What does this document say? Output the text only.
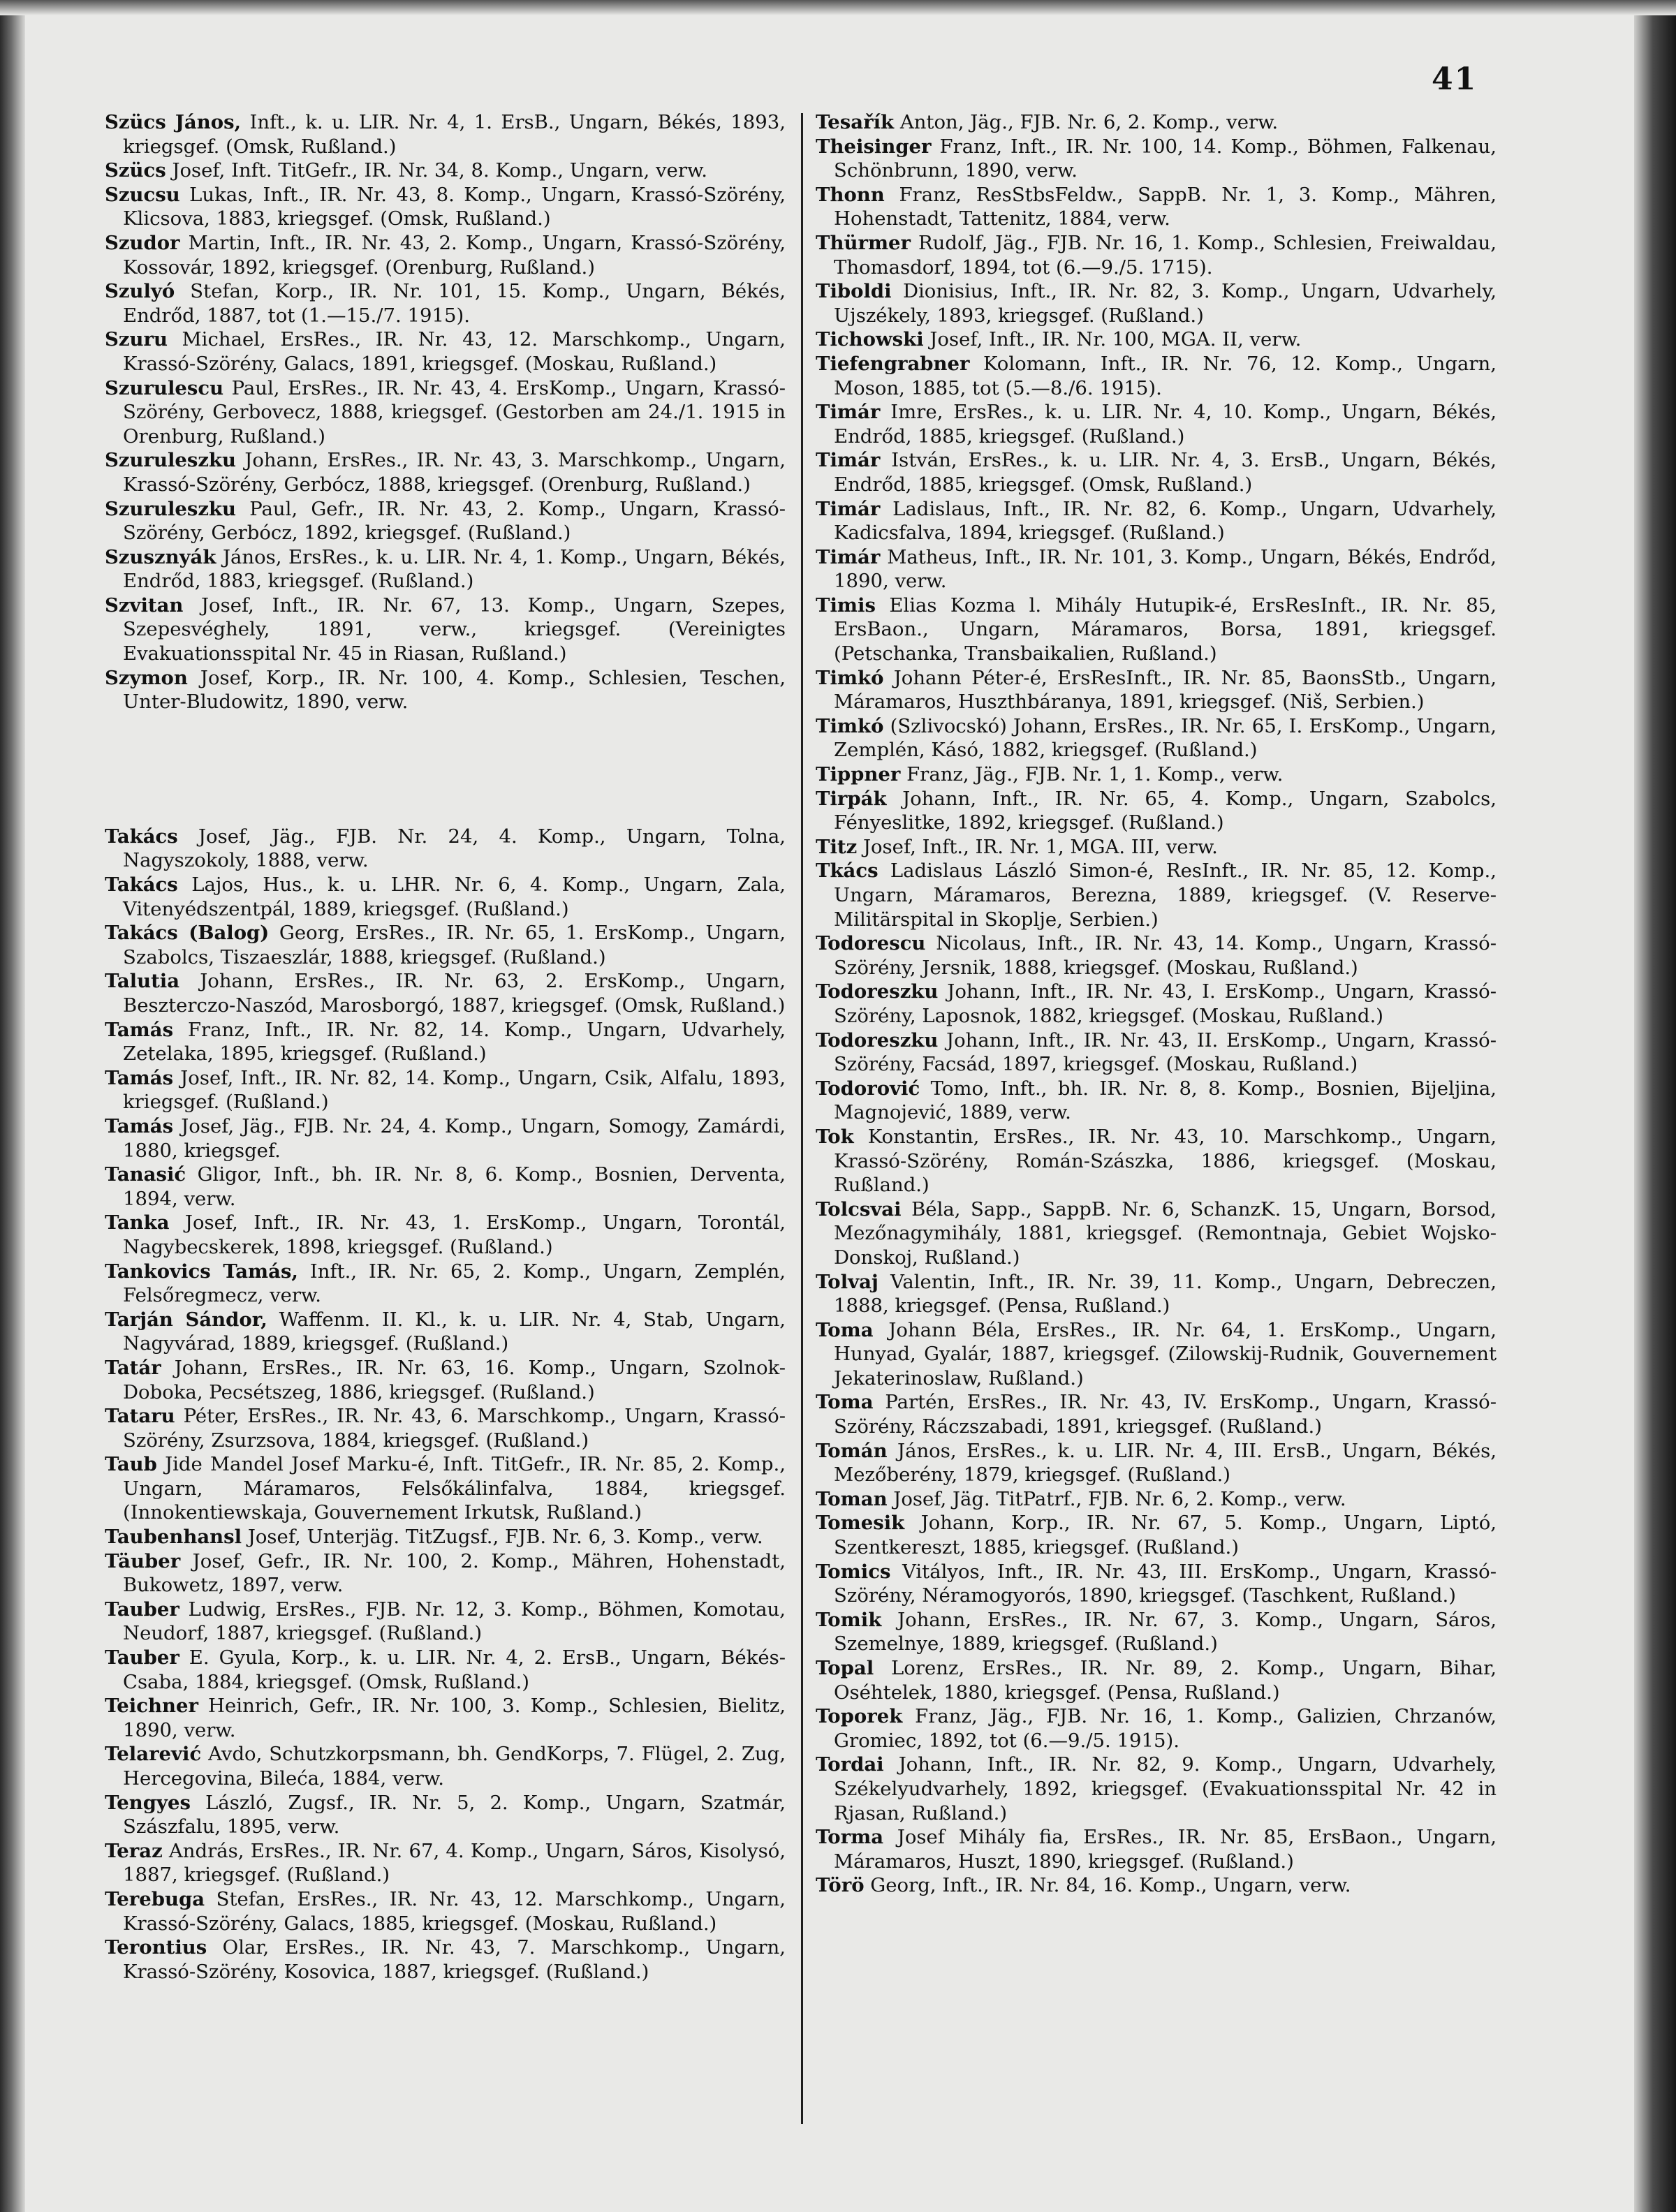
41

Szücs János, Inft., k. u. LIR. Nr. 4, 1. ErsB., Ungarn, Békés, 1893, kriegsgef. (Omsk, Rußland.)

Szücs Josef, Inft. TitGefr., IR. Nr. 34, 8. Komp., Ungarn, verw.

Szucsu Lukas, Inft., IR. Nr. 43, 8. Komp., Ungarn, Krassó-Szörény, Klicsova, 1883, kriegsgef. (Omsk, Rußland.)

Szudor Martin, Inft., IR. Nr. 43, 2. Komp., Ungarn, Krassó-Szörény, Kossovár, 1892, kriegsgef. (Orenburg, Rußland.)

Szulyó Stefan, Korp., IR. Nr. 101, 15. Komp., Ungarn, Békés, Endrőd, 1887, tot (1.—15./7. 1915).

Szuru Michael, ErsRes., IR. Nr. 43, 12. Marschkomp., Ungarn, Krassó-Szörény, Galacs, 1891, kriegsgef. (Moskau, Rußland.)

Szurulescu Paul, ErsRes., IR. Nr. 43, 4. ErsKomp., Ungarn, Krassó-Szörény, Gerbovecz, 1888, kriegsgef. (Gestorben am 24./1. 1915 in Orenburg, Rußland.)

Szuruleszku Johann, ErsRes., IR. Nr. 43, 3. Marschkomp., Ungarn, Krassó-Szörény, Gerbócz, 1888, kriegsgef. (Orenburg, Rußland.)

Szuruleszku Paul, Gefr., IR. Nr. 43, 2. Komp., Ungarn, Krassó-Szörény, Gerbócz, 1892, kriegsgef. (Rußland.)

Szusznyák János, ErsRes., k. u. LIR. Nr. 4, 1. Komp., Ungarn, Békés, Endrőd, 1883, kriegsgef. (Rußland.)

Szvitan Josef, Inft., IR. Nr. 67, 13. Komp., Ungarn, Szepes, Szepesvéghely, 1891, verw., kriegsgef. (Vereinigtes Evakuationsspital Nr. 45 in Riasan, Rußland.)

Szymon Josef, Korp., IR. Nr. 100, 4. Komp., Schlesien, Teschen, Unter-Bludowitz, 1890, verw.

Takács Josef, Jäg., FJB. Nr. 24, 4. Komp., Ungarn, Tolna, Nagyszokoly, 1888, verw.

Takács Lajos, Hus., k. u. LHR. Nr. 6, 4. Komp., Ungarn, Zala, Vitenyédszentpál, 1889, kriegsgef. (Rußland.)

Takács (Balog) Georg, ErsRes., IR. Nr. 65, 1. ErsKomp., Ungarn, Szabolcs, Tiszaeszlár, 1888, kriegsgef. (Rußland.)

Talutia Johann, ErsRes., IR. Nr. 63, 2. ErsKomp., Ungarn, Beszterczo-Naszód, Marosborgó, 1887, kriegsgef. (Omsk, Rußland.)

Tamás Franz, Inft., IR. Nr. 82, 14. Komp., Ungarn, Udvarhely, Zetelaka, 1895, kriegsgef. (Rußland.)

Tamás Josef, Inft., IR. Nr. 82, 14. Komp., Ungarn, Csik, Alfalu, 1893, kriegsgef. (Rußland.)

Tamás Josef, Jäg., FJB. Nr. 24, 4. Komp., Ungarn, Somogy, Zamárdi, 1880, kriegsgef.

Tanasić Gligor, Inft., bh. IR. Nr. 8, 6. Komp., Bosnien, Derventa, 1894, verw.

Tanka Josef, Inft., IR. Nr. 43, 1. ErsKomp., Ungarn, Torontál, Nagybecskerek, 1898, kriegsgef. (Rußland.)

Tankovics Tamás, Inft., IR. Nr. 65, 2. Komp., Ungarn, Zemplén, Felsőregmecz, verw.

Tarján Sándor, Waffenm. II. Kl., k. u. LIR. Nr. 4, Stab, Ungarn, Nagyvárad, 1889, kriegsgef. (Rußland.)

Tatár Johann, ErsRes., IR. Nr. 63, 16. Komp., Ungarn, Szolnok-Doboka, Pecsétszeg, 1886, kriegsgef. (Rußland.)

Tataru Péter, ErsRes., IR. Nr. 43, 6. Marschkomp., Ungarn, Krassó-Szörény, Zsurzsova, 1884, kriegsgef. (Rußland.)

Taub Jide Mandel Josef Marku-é, Inft. TitGefr., IR. Nr. 85, 2. Komp., Ungarn, Máramaros, Felsőkálinfalva, 1884, kriegsgef. (Innokentiewskaja, Gouvernement Irkutsk, Rußland.)

Taubenhansl Josef, Unterjäg. TitZugsf., FJB. Nr. 6, 3. Komp., verw.

Täuber Josef, Gefr., IR. Nr. 100, 2. Komp., Mähren, Hohenstadt, Bukowetz, 1897, verw.

Tauber Ludwig, ErsRes., FJB. Nr. 12, 3. Komp., Böhmen, Komotau, Neudorf, 1887, kriegsgef. (Rußland.)

Tauber E. Gyula, Korp., k. u. LIR. Nr. 4, 2. ErsB., Ungarn, Békés-Csaba, 1884, kriegsgef. (Omsk, Rußland.)

Teichner Heinrich, Gefr., IR. Nr. 100, 3. Komp., Schlesien, Bielitz, 1890, verw.

Telarević Avdo, Schutzkorpsmann, bh. GendKorps, 7. Flügel, 2. Zug, Hercegovina, Bileća, 1884, verw.

Tengyes László, Zugsf., IR. Nr. 5, 2. Komp., Ungarn, Szatmár, Szászfalu, 1895, verw.

Teraz András, ErsRes., IR. Nr. 67, 4. Komp., Ungarn, Sáros, Kisolysó, 1887, kriegsgef. (Rußland.)

Terebuga Stefan, ErsRes., IR. Nr. 43, 12. Marschkomp., Ungarn, Krassó-Szörény, Galacs, 1885, kriegsgef. (Moskau, Rußland.)

Terontius Olar, ErsRes., IR. Nr. 43, 7. Marschkomp., Ungarn, Krassó-Szörény, Kosovica, 1887, kriegsgef. (Rußland.)

Tesařík Anton, Jäg., FJB. Nr. 6, 2. Komp., verw.

Theisinger Franz, Inft., IR. Nr. 100, 14. Komp., Böhmen, Falkenau, Schönbrunn, 1890, verw.

Thonn Franz, ResStbsFeldw., SappB. Nr. 1, 3. Komp., Mähren, Hohenstadt, Tattenitz, 1884, verw.

Thürmer Rudolf, Jäg., FJB. Nr. 16, 1. Komp., Schlesien, Freiwaldau, Thomasdorf, 1894, tot (6.—9./5. 1715).

Tiboldi Dionisius, Inft., IR. Nr. 82, 3. Komp., Ungarn, Udvarhely, Ujszékely, 1893, kriegsgef. (Rußland.)

Tichowski Josef, Inft., IR. Nr. 100, MGA. II, verw.

Tiefengrabner Kolomann, Inft., IR. Nr. 76, 12. Komp., Ungarn, Moson, 1885, tot (5.—8./6. 1915).

Timár Imre, ErsRes., k. u. LIR. Nr. 4, 10. Komp., Ungarn, Békés, Endrőd, 1885, kriegsgef. (Rußland.)

Timár István, ErsRes., k. u. LIR. Nr. 4, 3. ErsB., Ungarn, Békés, Endrőd, 1885, kriegsgef. (Omsk, Rußland.)

Timár Ladislaus, Inft., IR. Nr. 82, 6. Komp., Ungarn, Udvarhely, Kadicsfalva, 1894, kriegsgef. (Rußland.)

Timár Matheus, Inft., IR. Nr. 101, 3. Komp., Ungarn, Békés, Endrőd, 1890, verw.

Timis Elias Kozma l. Mihály Hutupik-é, ErsResInft., IR. Nr. 85, ErsBaon., Ungarn, Máramaros, Borsa, 1891, kriegsgef. (Petschanka, Transbaikalien, Rußland.)

Timkó Johann Péter-é, ErsResInft., IR. Nr. 85, BaonsStb., Ungarn, Máramaros, Huszthbáranya, 1891, kriegsgef. (Niš, Serbien.)

Timkó (Szlivocskó) Johann, ErsRes., IR. Nr. 65, I. ErsKomp., Ungarn, Zemplén, Kásó, 1882, kriegsgef. (Rußland.)

Tippner Franz, Jäg., FJB. Nr. 1, 1. Komp., verw.

Tirpák Johann, Inft., IR. Nr. 65, 4. Komp., Ungarn, Szabolcs, Fényeslitke, 1892, kriegsgef. (Rußland.)

Titz Josef, Inft., IR. Nr. 1, MGA. III, verw.

Tkács Ladislaus László Simon-é, ResInft., IR. Nr. 85, 12. Komp., Ungarn, Máramaros, Berezna, 1889, kriegsgef. (V. Reserve-Militärspital in Skoplje, Serbien.)

Todorescu Nicolaus, Inft., IR. Nr. 43, 14. Komp., Ungarn, Krassó-Szörény, Jersnik, 1888, kriegsgef. (Moskau, Rußland.)

Todoreszku Johann, Inft., IR. Nr. 43, I. ErsKomp., Ungarn, Krassó-Szörény, Laposnok, 1882, kriegsgef. (Moskau, Rußland.)

Todoreszku Johann, Inft., IR. Nr. 43, II. ErsKomp., Ungarn, Krassó-Szörény, Facsád, 1897, kriegsgef. (Moskau, Rußland.)

Todorović Tomo, Inft., bh. IR. Nr. 8, 8. Komp., Bosnien, Bijeljina, Magnojević, 1889, verw.

Tok Konstantin, ErsRes., IR. Nr. 43, 10. Marschkomp., Ungarn, Krassó-Szörény, Román-Szászka, 1886, kriegsgef. (Moskau, Rußland.)

Tolcsvai Béla, Sapp., SappB. Nr. 6, SchanzK. 15, Ungarn, Borsod, Mezőnagymihály, 1881, kriegsgef. (Remontnaja, Gebiet Wojsko-Donskoj, Rußland.)

Tolvaj Valentin, Inft., IR. Nr. 39, 11. Komp., Ungarn, Debreczen, 1888, kriegsgef. (Pensa, Rußland.)

Toma Johann Béla, ErsRes., IR. Nr. 64, 1. ErsKomp., Ungarn, Hunyad, Gyalár, 1887, kriegsgef. (Zilowskij-Rudnik, Gouvernement Jekaterinoslaw, Rußland.)

Toma Partén, ErsRes., IR. Nr. 43, IV. ErsKomp., Ungarn, Krassó-Szörény, Ráczszabadi, 1891, kriegsgef. (Rußland.)

Tomán János, ErsRes., k. u. LIR. Nr. 4, III. ErsB., Ungarn, Békés, Mezőberény, 1879, kriegsgef. (Rußland.)

Toman Josef, Jäg. TitPatrf., FJB. Nr. 6, 2. Komp., verw.

Tomesik Johann, Korp., IR. Nr. 67, 5. Komp., Ungarn, Liptó, Szentkereszt, 1885, kriegsgef. (Rußland.)

Tomics Vitályos, Inft., IR. Nr. 43, III. ErsKomp., Ungarn, Krassó-Szörény, Néramogyorós, 1890, kriegsgef. (Taschkent, Rußland.)

Tomik Johann, ErsRes., IR. Nr. 67, 3. Komp., Ungarn, Sáros, Szemelnye, 1889, kriegsgef. (Rußland.)

Topal Lorenz, ErsRes., IR. Nr. 89, 2. Komp., Ungarn, Bihar, Oséhtelek, 1880, kriegsgef. (Pensa, Rußland.)

Toporek Franz, Jäg., FJB. Nr. 16, 1. Komp., Galizien, Chrzanów, Gromiec, 1892, tot (6.—9./5. 1915).

Tordai Johann, Inft., IR. Nr. 82, 9. Komp., Ungarn, Udvarhely, Székelyudvarhely, 1892, kriegsgef. (Evakuationsspital Nr. 42 in Rjasan, Rußland.)

Torma Josef Mihály fia, ErsRes., IR. Nr. 85, ErsBaon., Ungarn, Máramaros, Huszt, 1890, kriegsgef. (Rußland.)

Törö Georg, Inft., IR. Nr. 84, 16. Komp., Ungarn, verw.
